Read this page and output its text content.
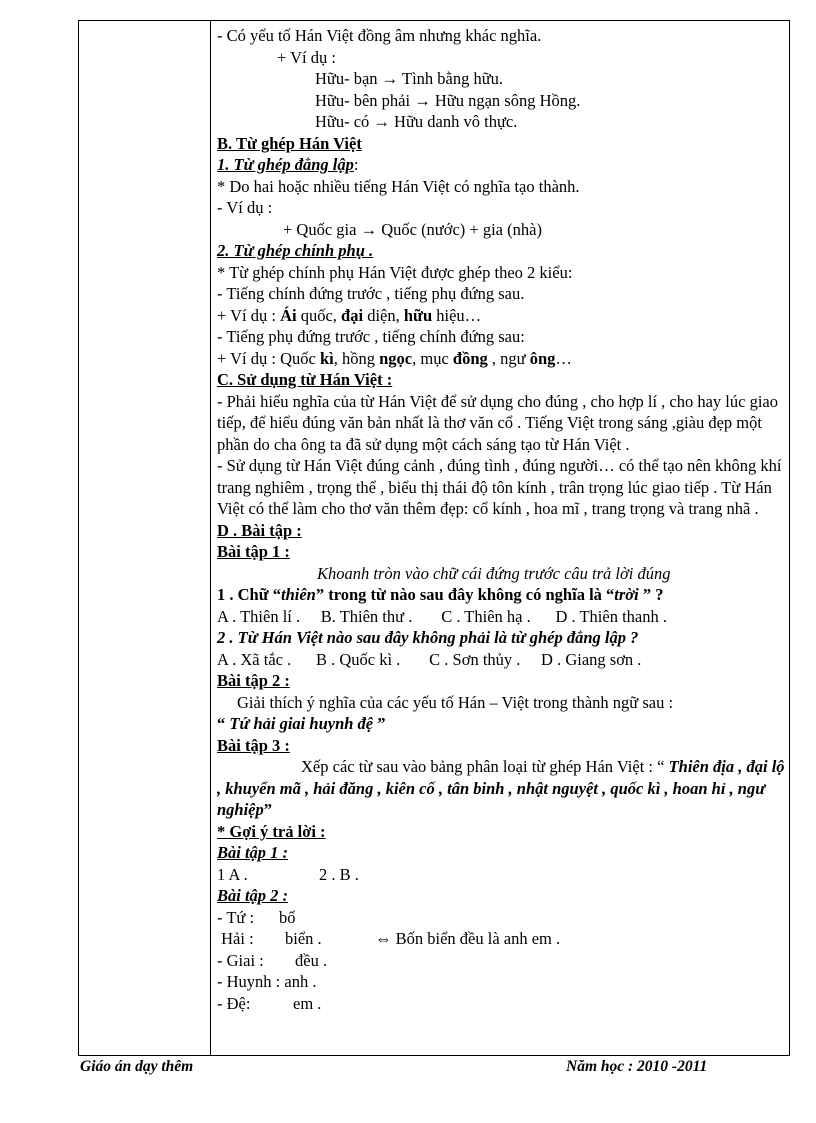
- Có yếu tố Hán Việt đồng âm nhưng khác nghĩa.

+ Ví dụ :

Hữu- bạn → Tình bằng hữu.

Hữu- bên phải → Hữu ngạn sông Hồng.

Hữu- có → Hữu danh vô thực.

B. Từ ghép Hán Việt

1. Từ ghép đẳng lập:

* Do hai hoặc nhiều tiếng Hán Việt có nghĩa tạo thành.

- Ví dụ :

+ Quốc gia → Quốc (nước) + gia (nhà)

2. Từ ghép chính phụ .

* Từ ghép chính phụ Hán Việt được ghép theo 2 kiểu:

- Tiếng chính đứng trước , tiếng phụ đứng sau.

+ Ví dụ : Ái quốc, đại diện, hữu hiệu…

- Tiếng phụ đứng trước , tiếng chính đứng sau:

+ Ví dụ : Quốc kì, hồng ngọc, mục đồng , ngư ông…

C. Sử dụng từ Hán Việt :

- Phải hiểu nghĩa của từ Hán Việt để sử dụng cho đúng , cho hợp lí , cho hay lúc giao tiếp, để hiểu đúng văn bản nhất là thơ văn cổ . Tiếng Việt trong sáng ,giàu đẹp một phần do cha ông ta đã sử dụng một cách sáng tạo từ Hán Việt .

- Sử dụng từ Hán Việt đúng cảnh , đúng tình , đúng người… có thể tạo nên không khí trang nghiêm , trọng thể , biểu thị thái độ tôn kính , trân trọng lúc giao tiếp . Từ Hán Việt có thể làm cho thơ văn thêm đẹp: cổ kính , hoa mĩ , trang trọng và trang nhã .

D . Bài tập :

Bài tập 1 :

Khoanh tròn vào chữ cái đứng trước câu trả lời đúng

1 . Chữ “thiên” trong từ nào sau đây không có nghĩa là “trời ” ?

A . Thiên lí .     B. Thiên thư .       C . Thiên hạ .      D . Thiên thanh .

2 . Từ Hán Việt nào sau đây không phải là từ ghép đẳng lập ?

A . Xã tắc .      B . Quốc kì .       C . Sơn thủy .     D . Giang sơn .

Bài tập 2 :

Giải thích ý nghĩa của các yếu tố Hán – Việt trong thành ngữ sau :

“ Tứ hải giai huynh đệ ”

Bài tập 3 :

Xếp các từ sau vào bảng phân loại từ ghép Hán Việt : “ Thiên địa , đại lộ , khuyển mã , hải đăng , kiên cố , tân binh , nhật nguyệt , quốc kì , hoan hỉ , ngư nghiệp”

* Gợi ý trả lời :

Bài tập 1 :

1 A .	2 . B .

Bài tập 2 :

- Tứ : bố

Hải : biển .	⇔ Bốn biển đều là anh em .

- Giai : đều .

- Huynh : anh .

- Đệ:	em .

Giáo án dạy thêm	Năm học : 2010 -2011
